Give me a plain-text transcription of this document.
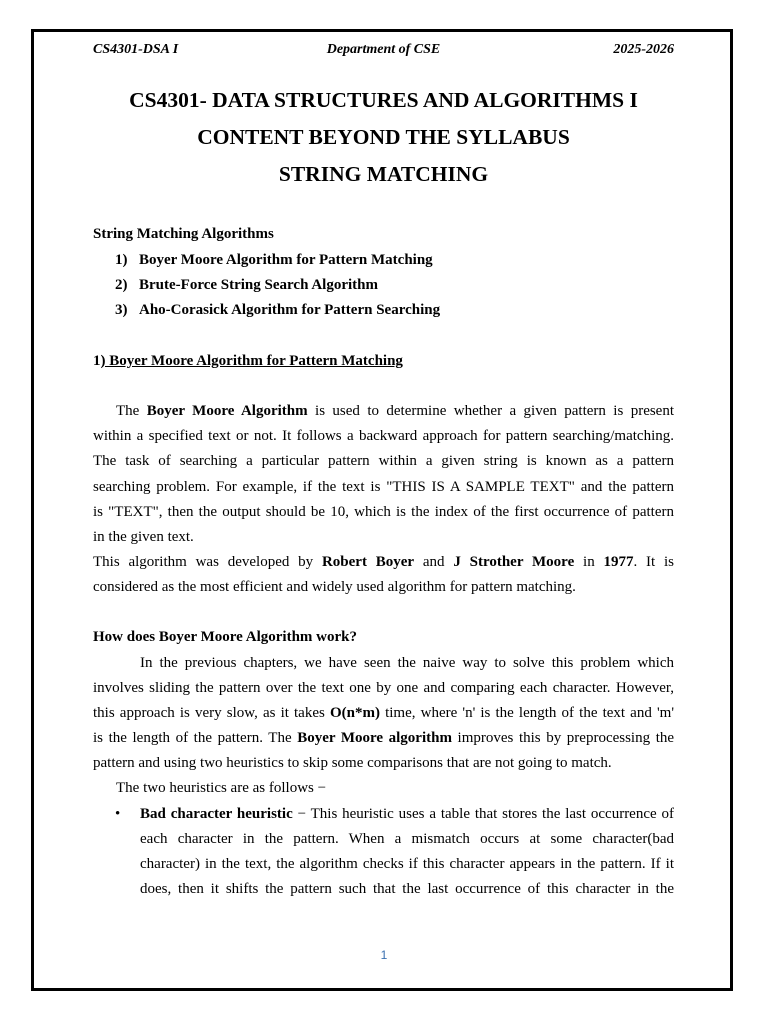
CS4301-DSA I	Department of CSE	2025-2026
CS4301- DATA STRUCTURES AND ALGORITHMS I
CONTENT BEYOND THE SYLLABUS
STRING MATCHING
String Matching Algorithms
1) Boyer Moore Algorithm for Pattern Matching
2) Brute-Force String Search Algorithm
3) Aho-Corasick Algorithm for Pattern Searching
1) Boyer Moore Algorithm for Pattern Matching
The Boyer Moore Algorithm is used to determine whether a given pattern is present
within a specified text or not. It follows a backward approach for pattern searching/matching.
The task of searching a particular pattern within a given string is known as a pattern
searching problem. For example, if the text is "THIS IS A SAMPLE TEXT" and the pattern
is "TEXT", then the output should be 10, which is the index of the first occurrence of pattern
in the given text.
This algorithm was developed by Robert Boyer and J Strother Moore in 1977. It is
considered as the most efficient and widely used algorithm for pattern matching.
How does Boyer Moore Algorithm work?
In the previous chapters, we have seen the naive way to solve this problem which
involves sliding the pattern over the text one by one and comparing each character. However,
this approach is very slow, as it takes O(n*m) time, where 'n' is the length of the text and 'm'
is the length of the pattern. The Boyer Moore algorithm improves this by preprocessing the
pattern and using two heuristics to skip some comparisons that are not going to match.
The two heuristics are as follows −
• Bad character heuristic − This heuristic uses a table that stores the last occurrence of
each character in the pattern. When a mismatch occurs at some character(bad
character) in the text, the algorithm checks if this character appears in the pattern. If it
does, then it shifts the pattern such that the last occurrence of this character in the
1
